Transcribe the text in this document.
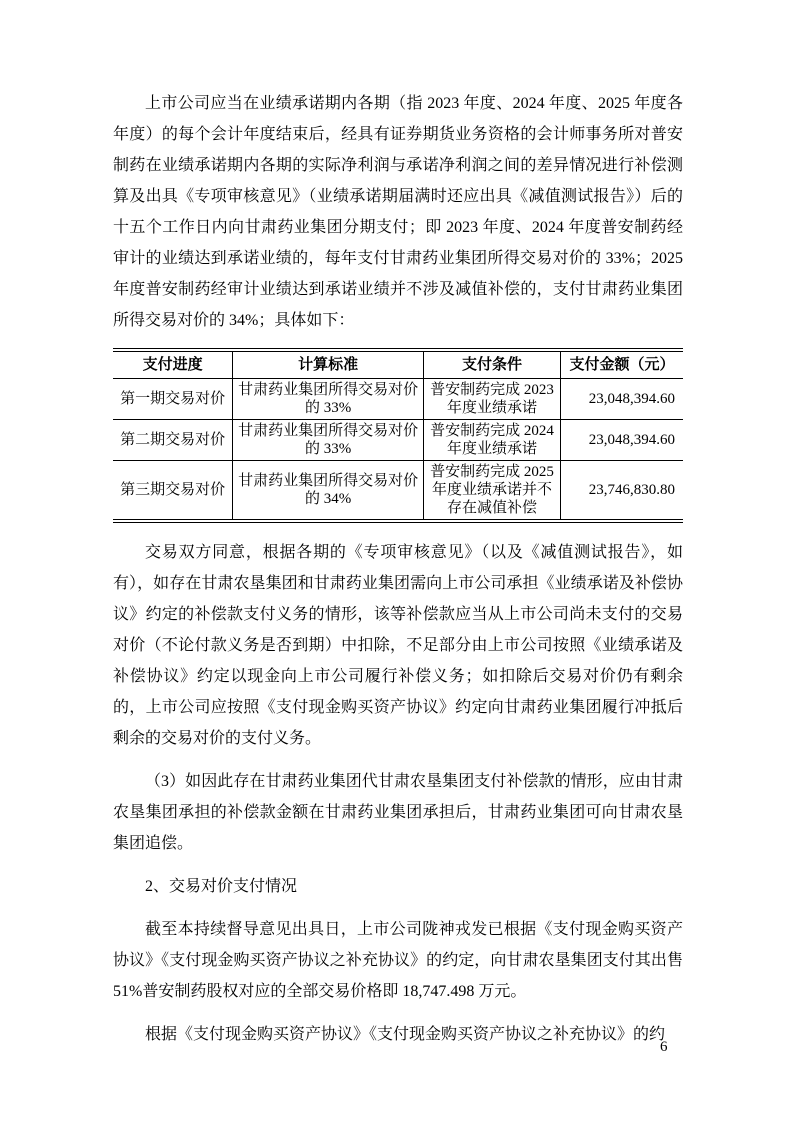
上市公司应当在业绩承诺期内各期（指 2023 年度、2024 年度、2025 年度各年度）的每个会计年度结束后，经具有证券期货业务资格的会计师事务所对普安制药在业绩承诺期内各期的实际净利润与承诺净利润之间的差异情况进行补偿测算及出具《专项审核意见》（业绩承诺期届满时还应出具《减值测试报告》）后的十五个工作日内向甘肃药业集团分期支付；即 2023 年度、2024 年度普安制药经审计的业绩达到承诺业绩的，每年支付甘肃药业集团所得交易对价的 33%；2025 年度普安制药经审计业绩达到承诺业绩并不涉及减值补偿的，支付甘肃药业集团所得交易对价的 34%；具体如下：

支付进度	计算标准	支付条件	支付金额（元）
第一期交易对价	甘肃药业集团所得交易对价的 33%	普安制药完成 2023 年度业绩承诺	23,048,394.60
第二期交易对价	甘肃药业集团所得交易对价的 33%	普安制药完成 2024 年度业绩承诺	23,048,394.60
第三期交易对价	甘肃药业集团所得交易对价的 34%	普安制药完成 2025 年度业绩承诺并不存在减值补偿	23,746,830.80

交易双方同意，根据各期的《专项审核意见》（以及《减值测试报告》，如有），如存在甘肃农垦集团和甘肃药业集团需向上市公司承担《业绩承诺及补偿协议》约定的补偿款支付义务的情形，该等补偿款应当从上市公司尚未支付的交易对价（不论付款义务是否到期）中扣除，不足部分由上市公司按照《业绩承诺及补偿协议》约定以现金向上市公司履行补偿义务；如扣除后交易对价仍有剩余的，上市公司应按照《支付现金购买资产协议》约定向甘肃药业集团履行冲抵后剩余的交易对价的支付义务。

（3）如因此存在甘肃药业集团代甘肃农垦集团支付补偿款的情形，应由甘肃农垦集团承担的补偿款金额在甘肃药业集团承担后，甘肃药业集团可向甘肃农垦集团追偿。

2、交易对价支付情况

截至本持续督导意见出具日，上市公司陇神戎发已根据《支付现金购买资产协议》《支付现金购买资产协议之补充协议》的约定，向甘肃农垦集团支付其出售 51%普安制药股权对应的全部交易价格即 18,747.498 万元。

根据《支付现金购买资产协议》《支付现金购买资产协议之补充协议》的约

6
